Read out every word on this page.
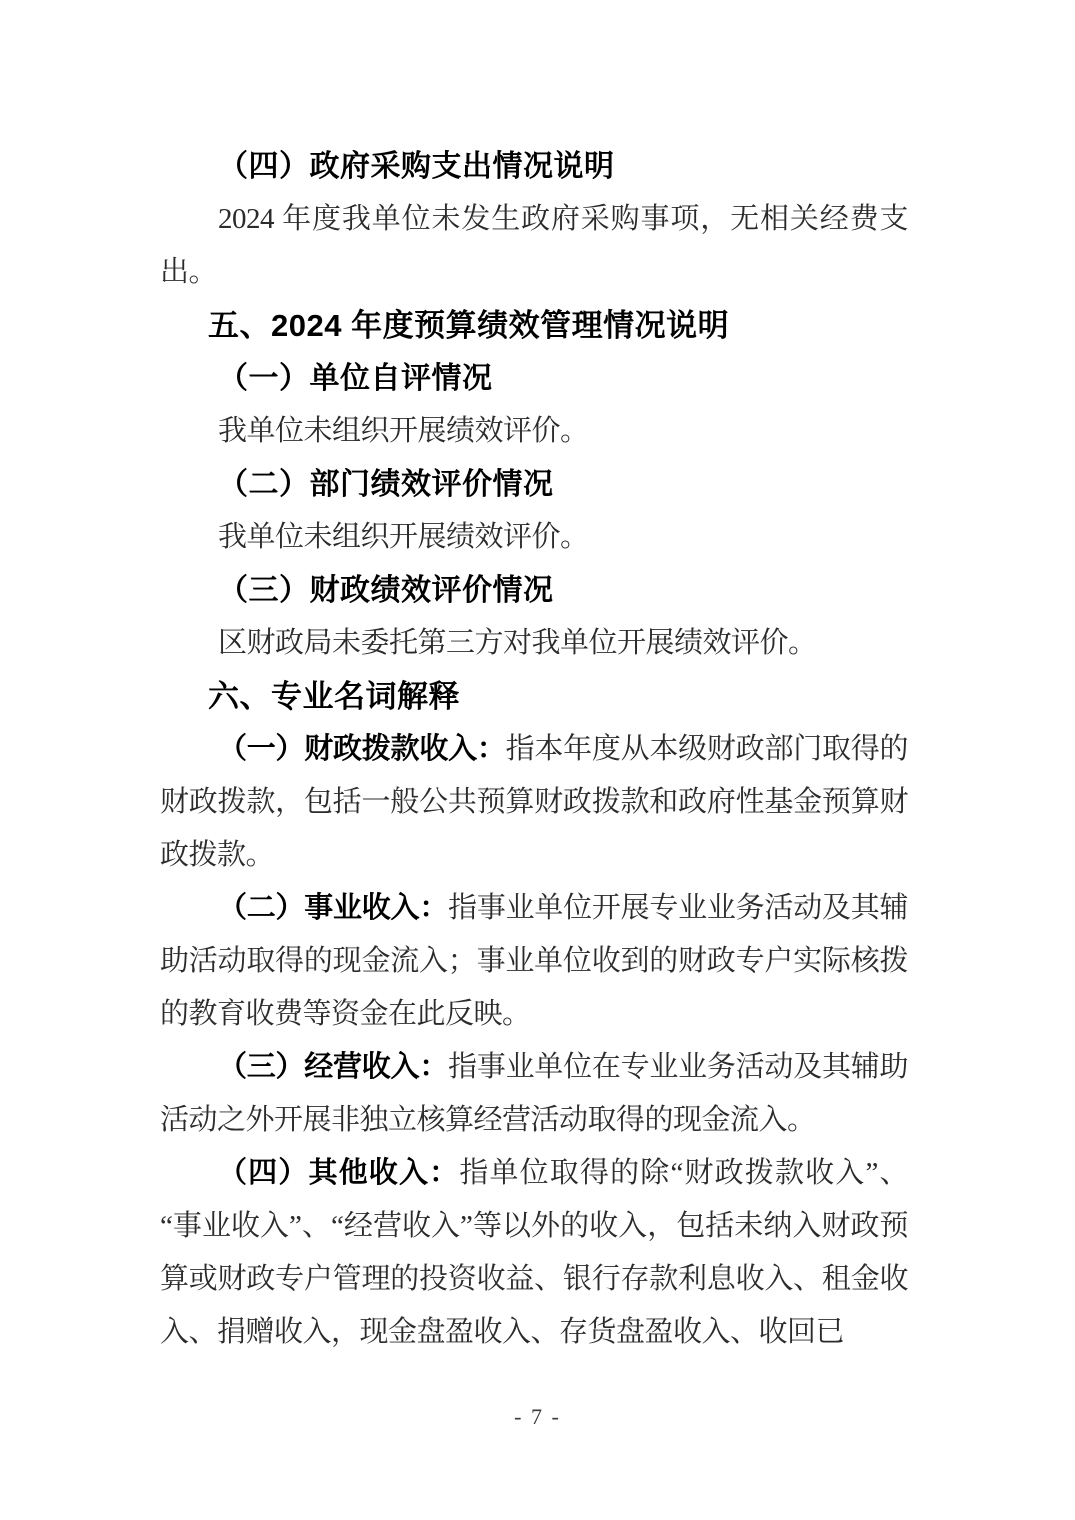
（四）政府采购支出情况说明

2024 年度我单位未发生政府采购事项，无相关经费支出。

五、2024 年度预算绩效管理情况说明

（一）单位自评情况

我单位未组织开展绩效评价。

（二）部门绩效评价情况

我单位未组织开展绩效评价。

（三）财政绩效评价情况

区财政局未委托第三方对我单位开展绩效评价。

六、专业名词解释

（一）财政拨款收入：指本年度从本级财政部门取得的财政拨款，包括一般公共预算财政拨款和政府性基金预算财政拨款。

（二）事业收入：指事业单位开展专业业务活动及其辅助活动取得的现金流入；事业单位收到的财政专户实际核拨的教育收费等资金在此反映。

（三）经营收入：指事业单位在专业业务活动及其辅助活动之外开展非独立核算经营活动取得的现金流入。

（四）其他收入：指单位取得的除“财政拨款收入”、“事业收入”、“经营收入”等以外的收入，包括未纳入财政预算或财政专户管理的投资收益、银行存款利息收入、租金收入、捐赠收入，现金盘盈收入、存货盘盈收入、收回已

- 7 -
